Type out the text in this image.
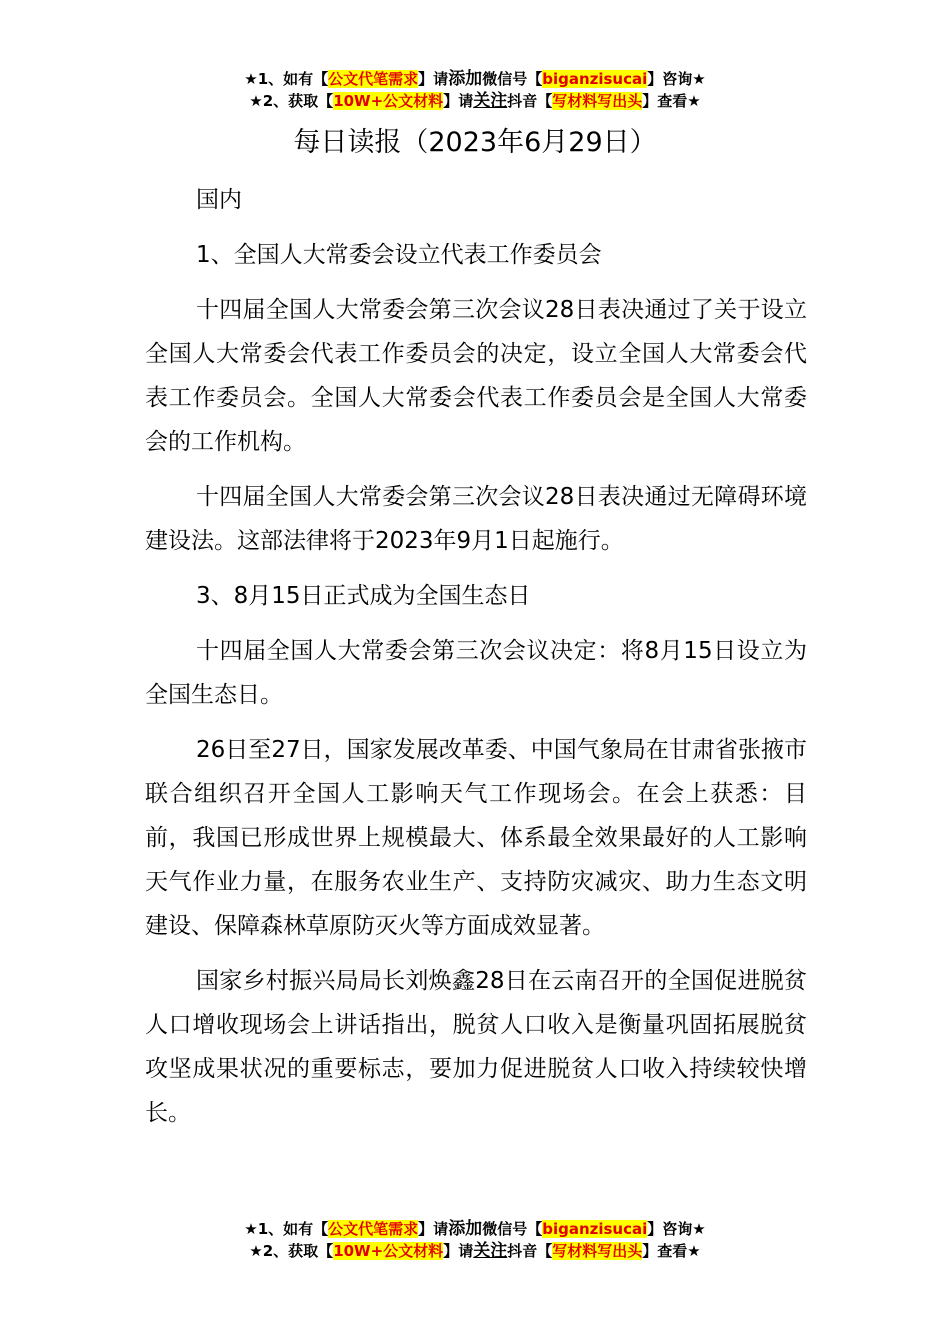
★1、如有【公文代笔需求】请添加微信号【biganzisucai】咨询★
★2、获取【10W+公文材料】请关注抖音【写材料写出头】查看★
每日读报（2023年6月29日）

国内

1、全国人大常委会设立代表工作委员会

十四届全国人大常委会第三次会议28日表决通过了关于设立全国人大常委会代表工作委员会的决定，设立全国人大常委会代表工作委员会。全国人大常委会代表工作委员会是全国人大常委会的工作机构。

十四届全国人大常委会第三次会议28日表决通过无障碍环境建设法。这部法律将于2023年9月1日起施行。

3、8月15日正式成为全国生态日

十四届全国人大常委会第三次会议决定：将8月15日设立为全国生态日。

26日至27日，国家发展改革委、中国气象局在甘肃省张掖市联合组织召开全国人工影响天气工作现场会。在会上获悉：目前，我国已形成世界上规模最大、体系最全效果最好的人工影响天气作业力量，在服务农业生产、支持防灾减灾、助力生态文明建设、保障森林草原防灭火等方面成效显著。

国家乡村振兴局局长刘焕鑫28日在云南召开的全国促进脱贫人口增收现场会上讲话指出，脱贫人口收入是衡量巩固拓展脱贫攻坚成果状况的重要标志，要加力促进脱贫人口收入持续较快增长。

★1、如有【公文代笔需求】请添加微信号【biganzisucai】咨询★
★2、获取【10W+公文材料】请关注抖音【写材料写出头】查看★
